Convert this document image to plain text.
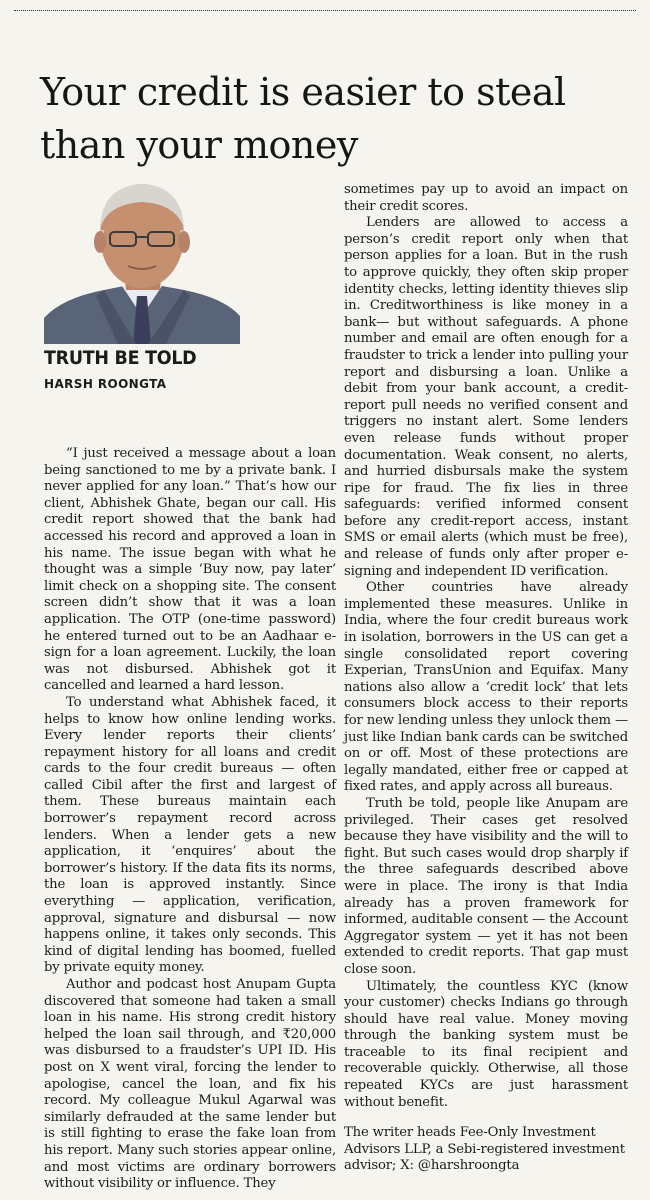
Your credit is easier to steal
than your money
TRUTH BE TOLD
HARSH ROONGTA

“I just received a message about a loan being sanctioned to me by a private bank. I never applied for any loan.” That’s how our client, Abhishek Ghate, began our call. His credit report showed that the bank had accessed his record and approved a loan in his name. The issue began with what he thought was a simple ‘Buy now, pay later’ limit check on a shopping site. The consent screen didn’t show that it was a loan application. The OTP (one-time password) he entered turned out to be an Aadhaar e-sign for a loan agreement. Luckily, the loan was not disbursed. Abhishek got it cancelled and learned a hard lesson.

To understand what Abhishek faced, it helps to know how online lending works. Every lender reports their clients’ repayment history for all loans and credit cards to the four credit bureaus — often called Cibil after the first and largest of them. These bureaus maintain each borrower’s repayment record across lenders. When a lender gets a new application, it ‘enquires’ about the borrower’s history. If the data fits its norms, the loan is approved instantly. Since everything — application, verification, approval, signature and disbursal — now happens online, it takes only seconds. This kind of digital lending has boomed, fuelled by private equity money.

Author and podcast host Anupam Gupta discovered that someone had taken a small loan in his name. His strong credit history helped the loan sail through, and ₹20,000 was disbursed to a fraudster’s UPI ID. His post on X went viral, forcing the lender to apologise, cancel the loan, and fix his record. My colleague Mukul Agarwal was similarly defrauded at the same lender but is still fighting to erase the fake loan from his report. Many such stories appear online, and most victims are ordinary borrowers without visibility or influence. They

sometimes pay up to avoid an impact on their credit scores.

Lenders are allowed to access a person’s credit report only when that person applies for a loan. But in the rush to approve quickly, they often skip proper identity checks, letting identity thieves slip in. Creditworthiness is like money in a bank— but without safeguards. A phone number and email are often enough for a fraudster to trick a lender into pulling your report and disbursing a loan. Unlike a debit from your bank account, a credit-report pull needs no verified consent and triggers no instant alert. Some lenders even release funds without proper documentation. Weak consent, no alerts, and hurried disbursals make the system ripe for fraud. The fix lies in three safeguards: verified informed consent before any credit-report access, instant SMS or email alerts (which must be free), and release of funds only after proper e-signing and independent ID verification.

Other countries have already implemented these measures. Unlike in India, where the four credit bureaus work in isolation, borrowers in the US can get a single consolidated report covering Experian, TransUnion and Equifax. Many nations also allow a ‘credit lock’ that lets consumers block access to their reports for new lending unless they unlock them — just like Indian bank cards can be switched on or off. Most of these protections are legally mandated, either free or capped at fixed rates, and apply across all bureaus.

Truth be told, people like Anupam are privileged. Their cases get resolved because they have visibility and the will to fight. But such cases would drop sharply if the three safeguards described above were in place. The irony is that India already has a proven framework for informed, auditable consent — the Account Aggregator system — yet it has not been extended to credit reports. That gap must close soon.

Ultimately, the countless KYC (know your customer) checks Indians go through should have real value. Money moving through the banking system must be traceable to its final recipient and recoverable quickly. Otherwise, all those repeated KYCs are just harassment without benefit.

The writer heads Fee-Only Investment Advisors LLP, a Sebi-registered investment advisor; X: @harshroongta
